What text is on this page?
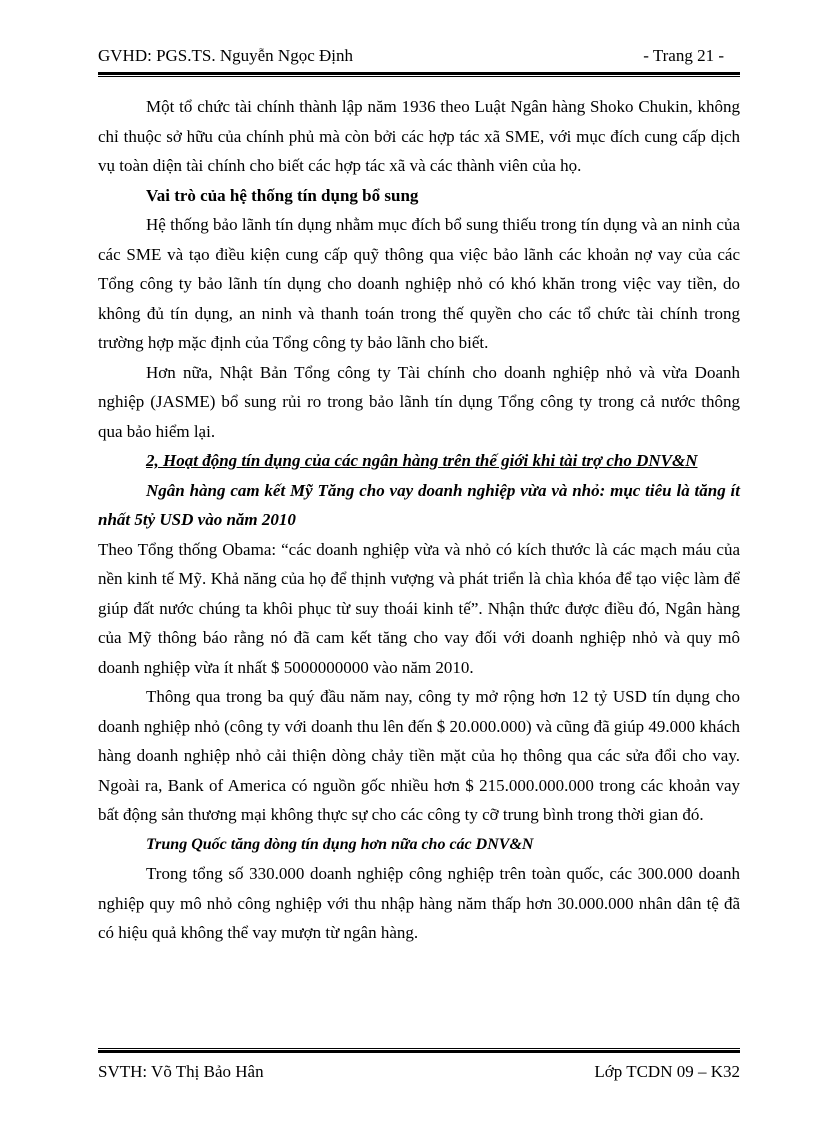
GVHD: PGS.TS. Nguyễn Ngọc Định	- Trang 21 -

Một tổ chức tài chính thành lập năm 1936 theo Luật Ngân hàng Shoko Chukin, không chỉ thuộc sở hữu của chính phủ mà còn bởi các hợp tác xã SME, với mục đích cung cấp dịch vụ toàn diện tài chính cho biết các hợp tác xã và các thành viên của họ.

Vai trò của hệ thống tín dụng bổ sung

Hệ thống bảo lãnh tín dụng nhằm mục đích bổ sung thiếu trong tín dụng và an ninh của các SME và tạo điều kiện cung cấp quỹ thông qua việc bảo lãnh các khoản nợ vay của các Tổng công ty bảo lãnh tín dụng cho doanh nghiệp nhỏ có khó khăn trong việc vay tiền, do không đủ tín dụng, an ninh và thanh toán trong thế quyền cho các tổ chức tài chính trong trường hợp mặc định của Tổng công ty bảo lãnh cho biết.

Hơn nữa, Nhật Bản Tổng công ty Tài chính cho doanh nghiệp nhỏ và vừa Doanh nghiệp (JASME) bổ sung rủi ro trong bảo lãnh tín dụng Tổng công ty trong cả nước thông qua bảo hiểm lại.

2, Hoạt động tín dụng của các ngân hàng trên thế giới khi tài trợ cho DNV&N

Ngân hàng cam kết Mỹ Tăng cho vay doanh nghiệp vừa và nhỏ: mục tiêu là tăng ít nhất 5tỷ USD vào năm 2010

Theo Tổng thống Obama: “các doanh nghiệp vừa và nhỏ có kích thước là các mạch máu của nền kinh tế Mỹ. Khả năng của họ để thịnh vượng và phát triển là chìa khóa để tạo việc làm để giúp đất nước chúng ta khôi phục từ suy thoái kinh tế”. Nhận thức được điều đó, Ngân hàng của Mỹ thông báo rằng nó đã cam kết tăng cho vay đối với doanh nghiệp nhỏ và quy mô doanh nghiệp vừa ít nhất $ 5000000000 vào năm 2010.

Thông qua trong ba quý đầu năm nay, công ty mở rộng hơn 12 tỷ USD tín dụng cho doanh nghiệp nhỏ (công ty với doanh thu lên đến $ 20.000.000) và cũng đã giúp 49.000 khách hàng doanh nghiệp nhỏ cải thiện dòng chảy tiền mặt của họ thông qua các sửa đổi cho vay. Ngoài ra, Bank of America có nguồn gốc nhiều hơn $ 215.000.000.000 trong các khoản vay bất động sản thương mại không thực sự cho các công ty cỡ trung bình trong thời gian đó.

Trung Quốc tăng dòng tín dụng hơn nữa cho các DNV&N

Trong tổng số 330.000 doanh nghiệp công nghiệp trên toàn quốc, các 300.000 doanh nghiệp quy mô nhỏ công nghiệp với thu nhập hàng năm thấp hơn 30.000.000 nhân dân tệ đã có hiệu quả không thể vay mượn từ ngân hàng.

SVTH: Võ Thị Bảo Hân	Lớp TCDN 09 – K32
